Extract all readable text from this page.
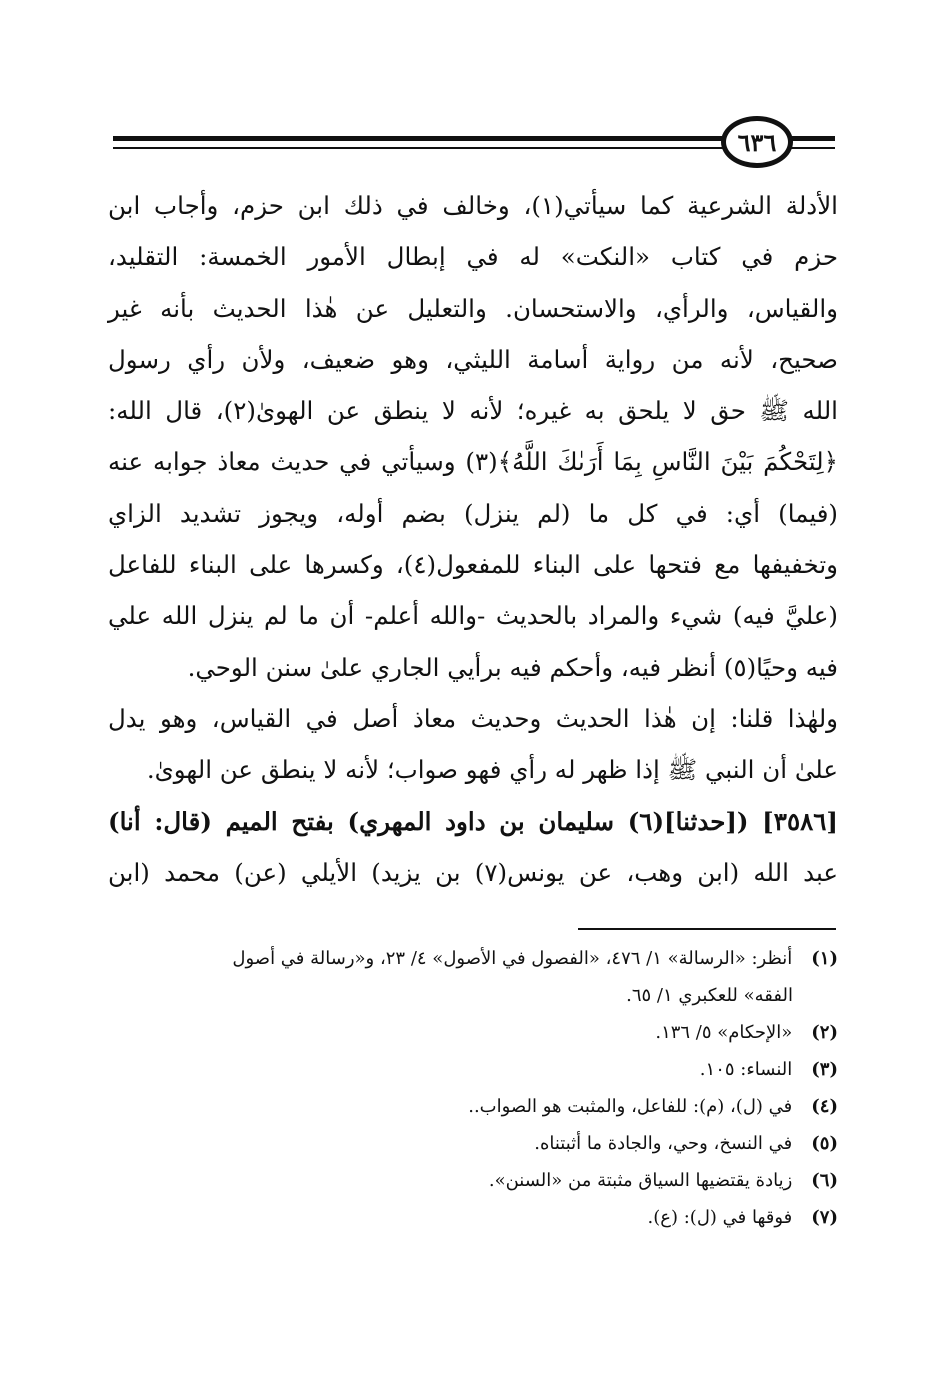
٦٣٦
الأدلة الشرعية كما سيأتي(١)، وخالف في ذلك ابن حزم، وأجاب ابن
حزم في كتاب «النكت» له في إبطال الأمور الخمسة: التقليد،
والقياس، والرأي، والاستحسان. والتعليل عن هٰذا الحديث بأنه غير
صحيح، لأنه من رواية أسامة الليثي، وهو ضعيف، ولأن رأي رسول
الله ﷺ حق لا يلحق به غيره؛ لأنه لا ينطق عن الهوىٰ(٢)، قال الله:
﴿لِتَحْكُمَ بَيْنَ النَّاسِ بِمَا أَرَىٰكَ اللَّهُ﴾(٣) وسيأتي في حديث معاذ جوابه عنه
(فيما) أي: في كل ما (لم ينزل) بضم أوله، ويجوز تشديد الزاي
وتخفيفها مع فتحها على البناء للمفعول(٤)، وكسرها على البناء للفاعل
(عليَّ فيه) شيء والمراد بالحديث -والله أعلم- أن ما لم ينزل الله علي
فيه وحيًا(٥) أنظر فيه، وأحكم فيه برأيي الجاري علىٰ سنن الوحي.
ولهٰذا قلنا: إن هٰذا الحديث وحديث معاذ أصل في القياس، وهو يدل
علىٰ أن النبي ﷺ إذا ظهر له رأي فهو صواب؛ لأنه لا ينطق عن الهوىٰ.
[٣٥٨٦] ([حدثنا](٦) سليمان بن داود المهري) بفتح الميم (قال: أنا)
عبد الله (ابن وهب، عن يونس(٧) بن يزيد) الأيلي (عن) محمد (ابن
(١) أنظر: «الرسالة» ١/ ٤٧٦، «الفصول في الأصول» ٤/ ٢٣، و«رسالة في أصول
الفقه» للعكبري ١/ ٦٥.
(٢) «الإحكام» ٥/ ١٣٦.
(٣) النساء: ١٠٥.
(٤) في (ل)، (م): للفاعل، والمثبت هو الصواب..
(٥) في النسخ، وحي، والجادة ما أثبتناه.
(٦) زيادة يقتضيها السياق مثبتة من «السنن».
(٧) فوقها في (ل): (ع).
